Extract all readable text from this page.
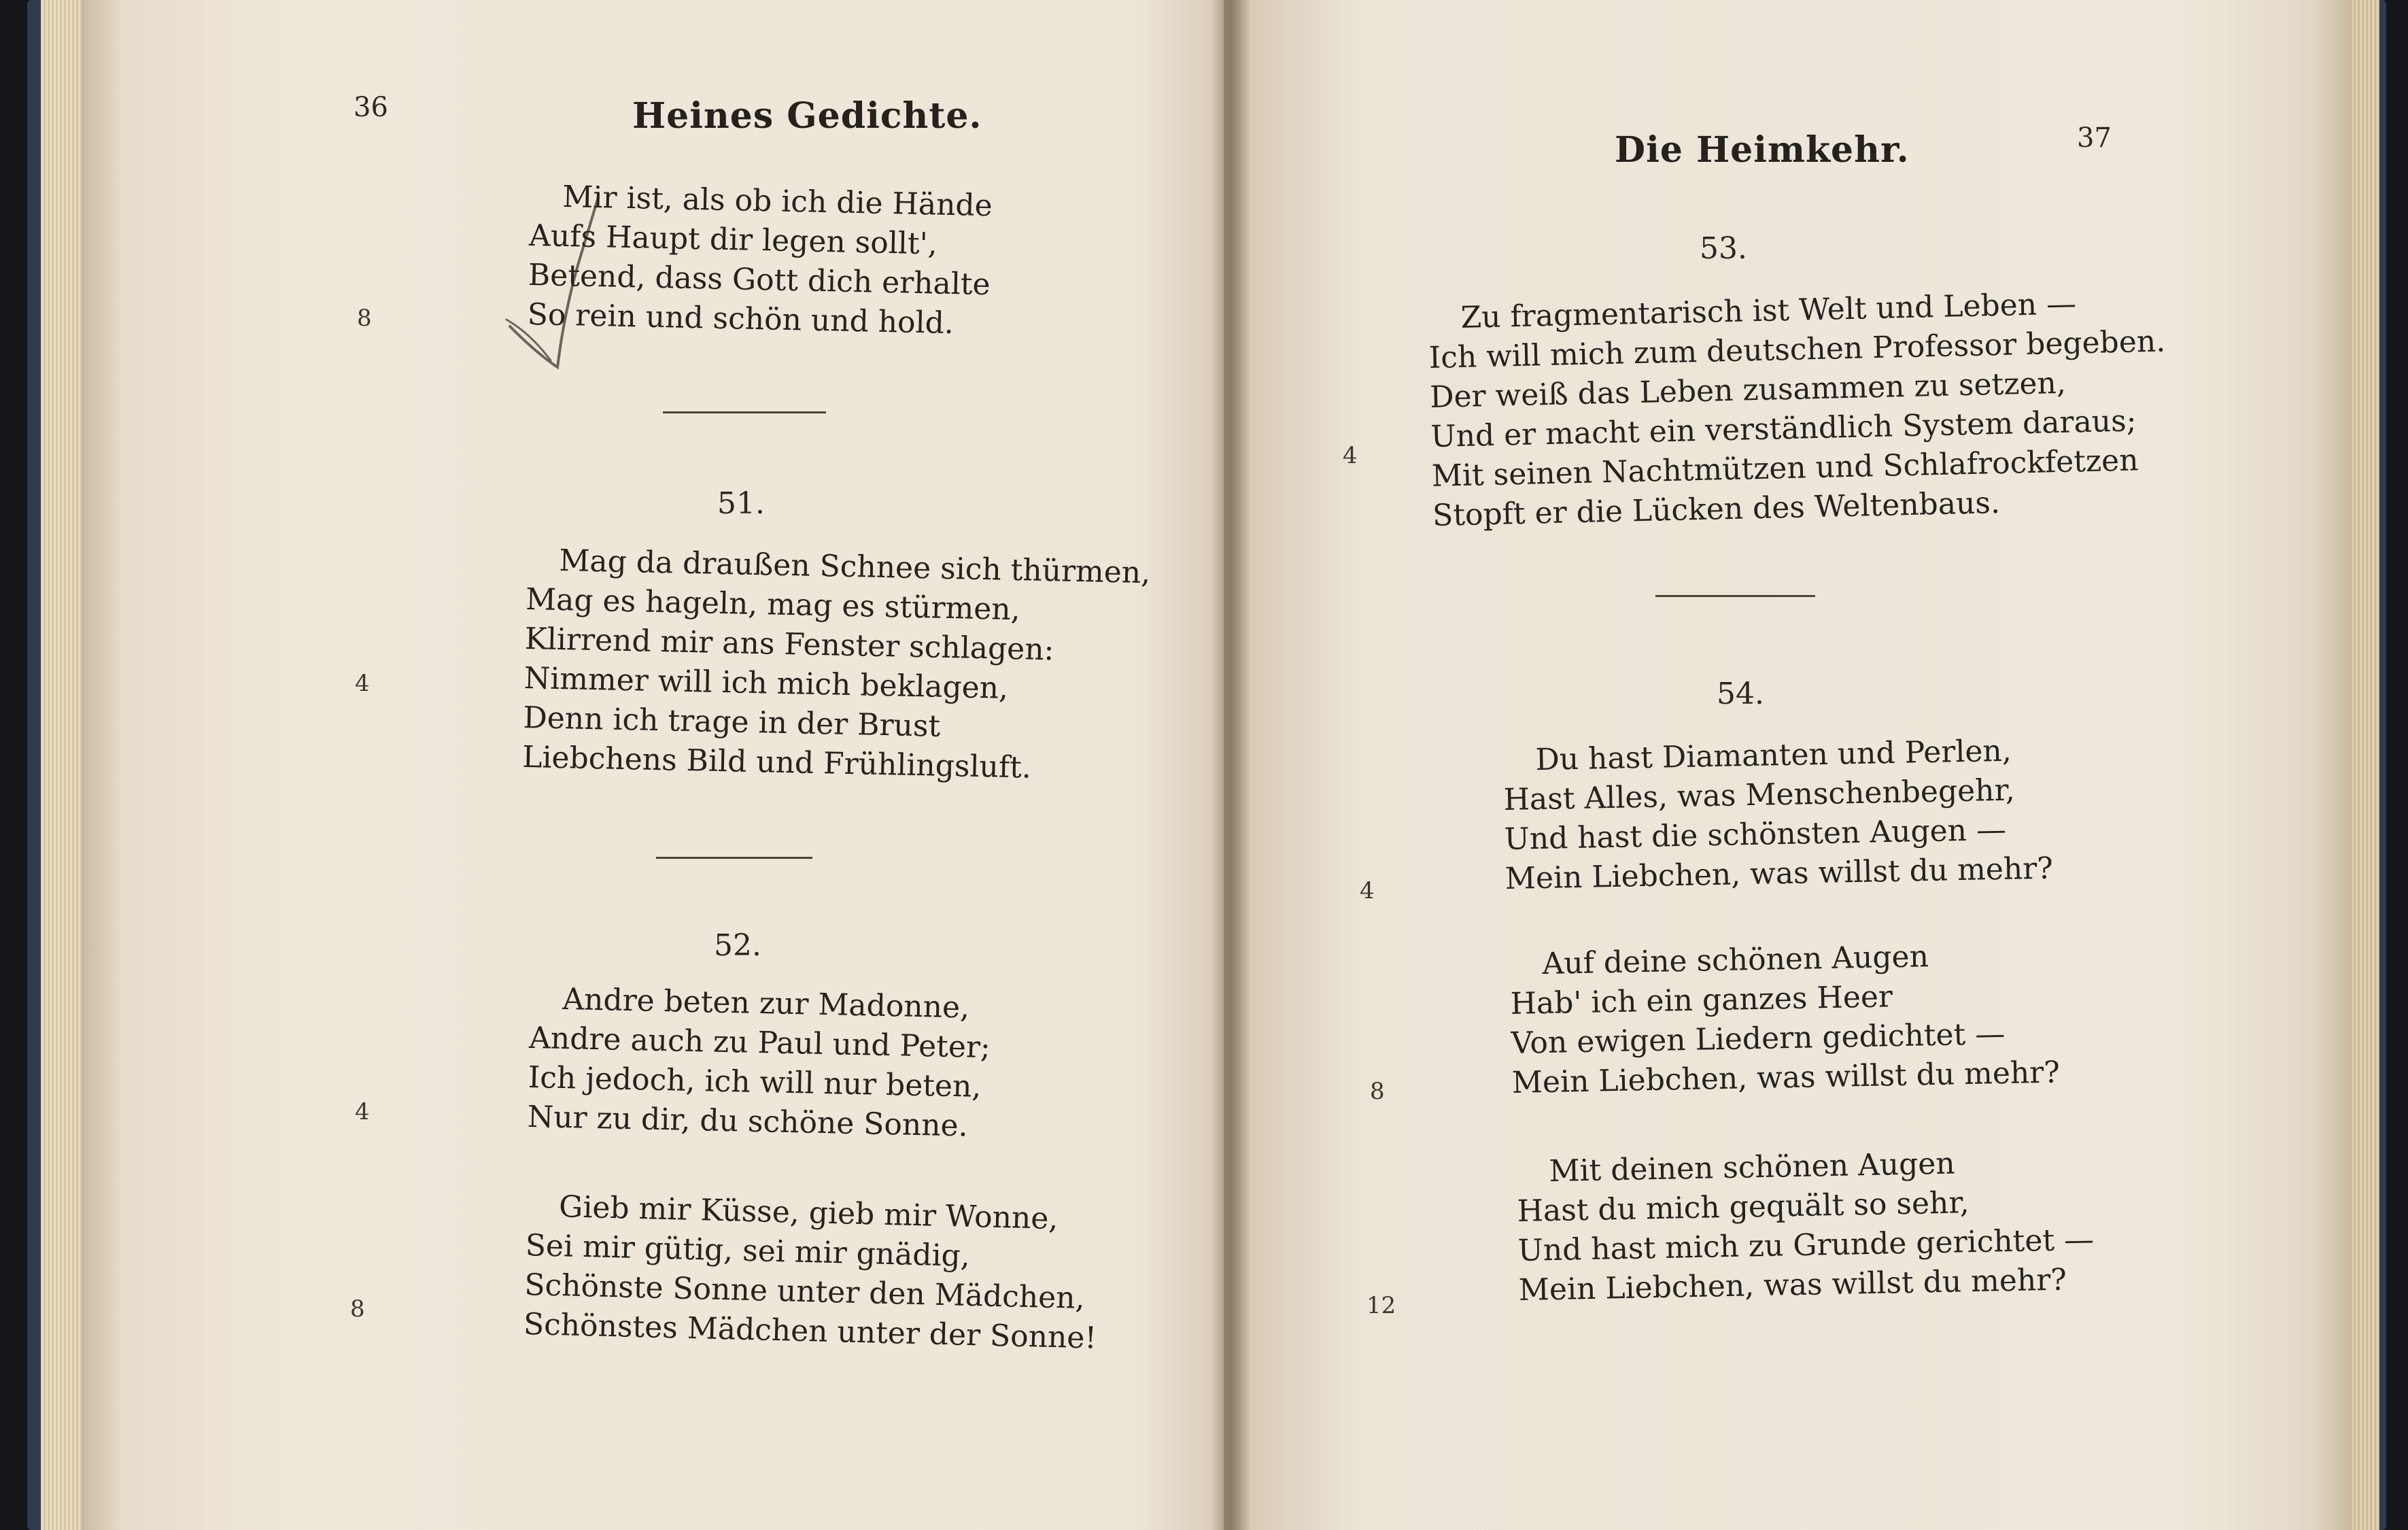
36	Heines Gedichte.
Mir ist, als ob ich die Hände
Aufs Haupt dir legen sollt',
Betend, dass Gott dich erhalte
So rein und schön und hold.
8
51.
Mag da draußen Schnee sich thürmen,
Mag es hageln, mag es stürmen,
Klirrend mir ans Fenster schlagen:
Nimmer will ich mich beklagen,
Denn ich trage in der Brust
Liebchens Bild und Frühlingsluft.
4
52.
Andre beten zur Madonne,
Andre auch zu Paul und Peter;
Ich jedoch, ich will nur beten,
Nur zu dir, du schöne Sonne.
4
Gieb mir Küsse, gieb mir Wonne,
Sei mir gütig, sei mir gnädig,
Schönste Sonne unter den Mädchen,
Schönstes Mädchen unter der Sonne!
8
37
Die Heimkehr.
53.
Zu fragmentarisch ist Welt und Leben —
Ich will mich zum deutschen Professor begeben.
Der weiß das Leben zusammen zu setzen,
Und er macht ein verständlich System daraus;
Mit seinen Nachtmützen und Schlafrockfetzen
Stopft er die Lücken des Weltenbaus.
4
54.
Du hast Diamanten und Perlen,
Hast Alles, was Menschenbegehr,
Und hast die schönsten Augen —
Mein Liebchen, was willst du mehr?
4
Auf deine schönen Augen
Hab' ich ein ganzes Heer
Von ewigen Liedern gedichtet —
Mein Liebchen, was willst du mehr?
8
Mit deinen schönen Augen
Hast du mich gequält so sehr,
Und hast mich zu Grunde gerichtet —
Mein Liebchen, was willst du mehr?
12
